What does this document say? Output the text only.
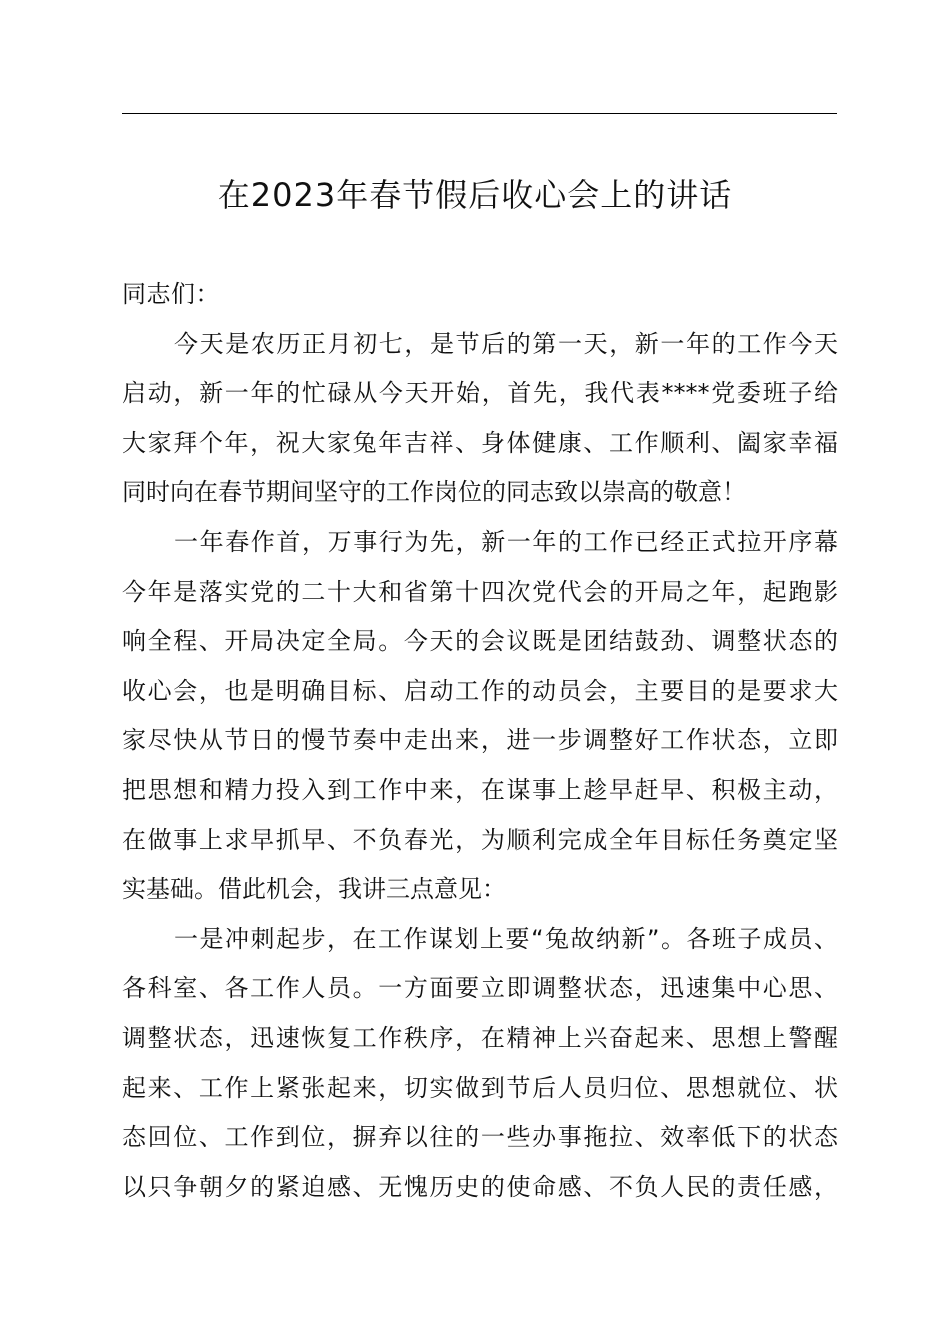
在2023年春节假后收心会上的讲话

同志们：

今天是农历正月初七，是节后的第一天，新一年的工作今天
启动，新一年的忙碌从今天开始，首先，我代表****党委班子给
大家拜个年，祝大家兔年吉祥、身体健康、工作顺利、阖家幸福
同时向在春节期间坚守的工作岗位的同志致以崇高的敬意！
一年春作首，万事行为先，新一年的工作已经正式拉开序幕
今年是落实党的二十大和省第十四次党代会的开局之年，起跑影
响全程、开局决定全局。今天的会议既是团结鼓劲、调整状态的
收心会，也是明确目标、启动工作的动员会，主要目的是要求大
家尽快从节日的慢节奏中走出来，进一步调整好工作状态，立即
把思想和精力投入到工作中来，在谋事上趁早赶早、积极主动，
在做事上求早抓早、不负春光，为顺利完成全年目标任务奠定坚
实基础。借此机会，我讲三点意见：
一是冲刺起步，在工作谋划上要“兔故纳新”。各班子成员、
各科室、各工作人员。一方面要立即调整状态，迅速集中心思、
调整状态，迅速恢复工作秩序，在精神上兴奋起来、思想上警醒
起来、工作上紧张起来，切实做到节后人员归位、思想就位、状
态回位、工作到位，摒弃以往的一些办事拖拉、效率低下的状态
以只争朝夕的紧迫感、无愧历史的使命感、不负人民的责任感，
